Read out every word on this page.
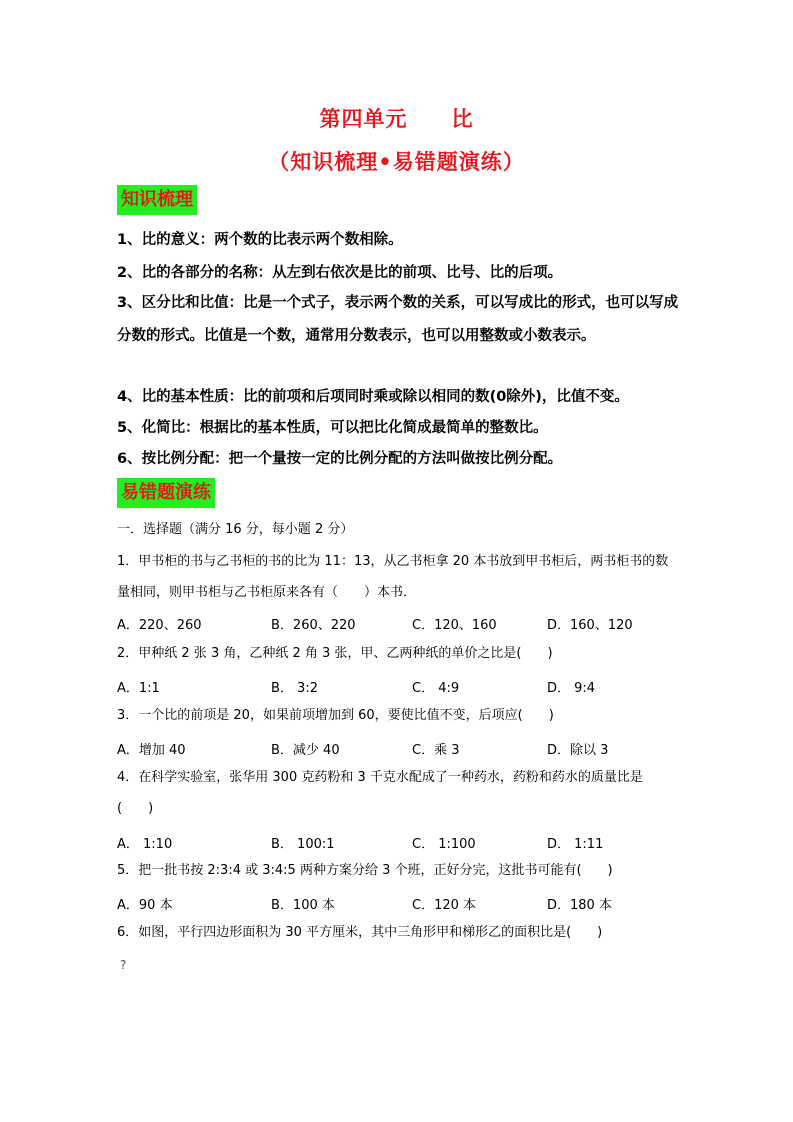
第四单元 比
（知识梳理•易错题演练）
知识梳理
1、比的意义：两个数的比表示两个数相除。
2、比的各部分的名称：从左到右依次是比的前项、比号、比的后项。
3、区分比和比值：比是一个式子，表示两个数的关系，可以写成比的形式，也可以写成分数的形式。比值是一个数，通常用分数表示，也可以用整数或小数表示。
4、比的基本性质：比的前项和后项同时乘或除以相同的数(0除外)，比值不变。
5、化简比：根据比的基本性质，可以把比化简成最简单的整数比。
6、按比例分配：把一个量按一定的比例分配的方法叫做按比例分配。
易错题演练
一．选择题（满分 16 分，每小题 2 分）
1．甲书柜的书与乙书柜的书的比为 11：13，从乙书柜拿 20 本书放到甲书柜后，两书柜书的数量相同，则甲书柜与乙书柜原来各有（　　）本书．
A．220、260	B．260、220	C．120、160	D．160、120
2．甲种纸 2 张 3 角，乙种纸 2 角 3 张，甲、乙两种纸的单价之比是(　　)
A．1:1	B． 3:2	C． 4:9	D． 9:4
3．一个比的前项是 20，如果前项增加到 60，要使比值不变，后项应(　　)
A．增加 40	B．减少 40	C．乘 3	D．除以 3
4．在科学实验室，张华用 300 克药粉和 3 千克水配成了一种药水，药粉和药水的质量比是(　　)
A． 1:10	B． 100:1	C． 1:100	D． 1:11
5．把一批书按 2:3:4 或 3:4:5 两种方案分给 3 个班，正好分完，这批书可能有(　　)
A．90 本	B．100 本	C．120 本	D．180 本
6．如图，平行四边形面积为 30 平方厘米，其中三角形甲和梯形乙的面积比是(　　)
?
